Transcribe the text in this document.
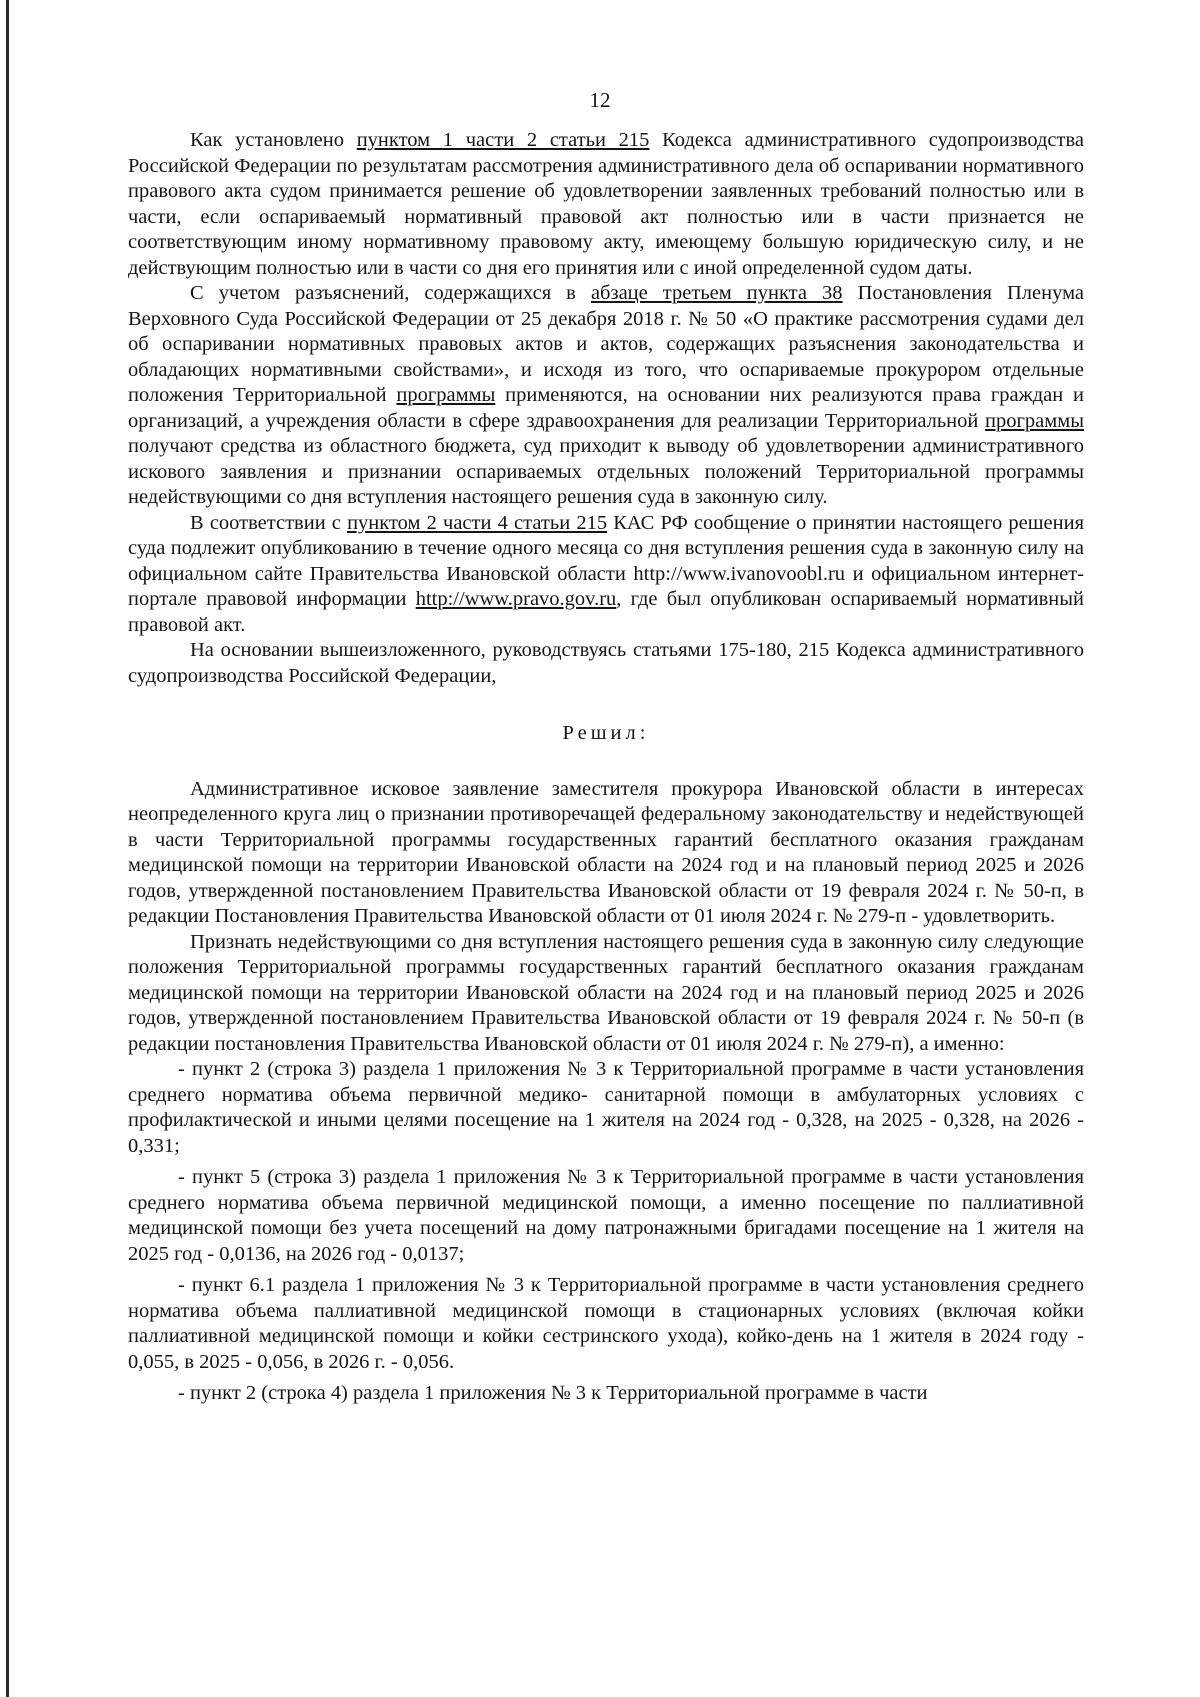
12

Как установлено пунктом 1 части 2 статьи 215 Кодекса административного судопроизводства Российской Федерации по результатам рассмотрения административного дела об оспаривании нормативного правового акта судом принимается решение об удовлетворении заявленных требований полностью или в части, если оспариваемый нормативный правовой акт полностью или в части признается не соответствующим иному нормативному правовому акту, имеющему большую юридическую силу, и не действующим полностью или в части со дня его принятия или с иной определенной судом даты.

С учетом разъяснений, содержащихся в абзаце третьем пункта 38 Постановления Пленума Верховного Суда Российской Федерации от 25 декабря 2018 г. № 50 «О практике рассмотрения судами дел об оспаривании нормативных правовых актов и актов, содержащих разъяснения законодательства и обладающих нормативными свойствами», и исходя из того, что оспариваемые прокурором отдельные положения Территориальной программы применяются, на основании них реализуются права граждан и организаций, а учреждения области в сфере здравоохранения для реализации Территориальной программы получают средства из областного бюджета, суд приходит к выводу об удовлетворении административного искового заявления и признании оспариваемых отдельных положений Территориальной программы недействующими со дня вступления настоящего решения суда в законную силу.

В соответствии с пунктом 2 части 4 статьи 215 КАС РФ сообщение о принятии настоящего решения суда подлежит опубликованию в течение одного месяца со дня вступления решения суда в законную силу на официальном сайте Правительства Ивановской области http://www.ivanovoobl.ru и официальном интернет-портале правовой информации http://www.pravo.gov.ru, где был опубликован оспариваемый нормативный правовой акт.

На основании вышеизложенного, руководствуясь статьями 175-180, 215 Кодекса административного судопроизводства Российской Федерации,

Решил:

Административное исковое заявление заместителя прокурора Ивановской области в интересах неопределенного круга лиц о признании противоречащей федеральному законодательству и недействующей в части Территориальной программы государственных гарантий бесплатного оказания гражданам медицинской помощи на территории Ивановской области на 2024 год и на плановый период 2025 и 2026 годов, утвержденной постановлением Правительства Ивановской области от 19 февраля 2024 г. № 50-п, в редакции Постановления Правительства Ивановской области от 01 июля 2024 г. № 279-п - удовлетворить.

Признать недействующими со дня вступления настоящего решения суда в законную силу следующие положения Территориальной программы государственных гарантий бесплатного оказания гражданам медицинской помощи на территории Ивановской области на 2024 год и на плановый период 2025 и 2026 годов, утвержденной постановлением Правительства Ивановской области от 19 февраля 2024 г. № 50-п (в редакции постановления Правительства Ивановской области от 01 июля 2024 г. № 279-п), а именно:

- пункт 2 (строка 3) раздела 1 приложения № 3 к Территориальной программе в части установления среднего норматива объема первичной медико- санитарной помощи в амбулаторных условиях с профилактической и иными целями посещение на 1 жителя на 2024 год - 0,328, на 2025 - 0,328, на 2026 - 0,331;

- пункт 5 (строка 3) раздела 1 приложения № 3 к Территориальной программе в части установления среднего норматива объема первичной медицинской помощи, а именно посещение по паллиативной медицинской помощи без учета посещений на дому патронажными бригадами посещение на 1 жителя на 2025 год - 0,0136, на 2026 год - 0,0137;

- пункт 6.1 раздела 1 приложения № 3 к Территориальной программе в части установления среднего норматива объема паллиативной медицинской помощи в стационарных условиях (включая койки паллиативной медицинской помощи и койки сестринского ухода), койко-день на 1 жителя в 2024 году - 0,055, в 2025 - 0,056, в 2026 г. - 0,056.

- пункт 2 (строка 4) раздела 1 приложения № 3 к Территориальной программе в части
